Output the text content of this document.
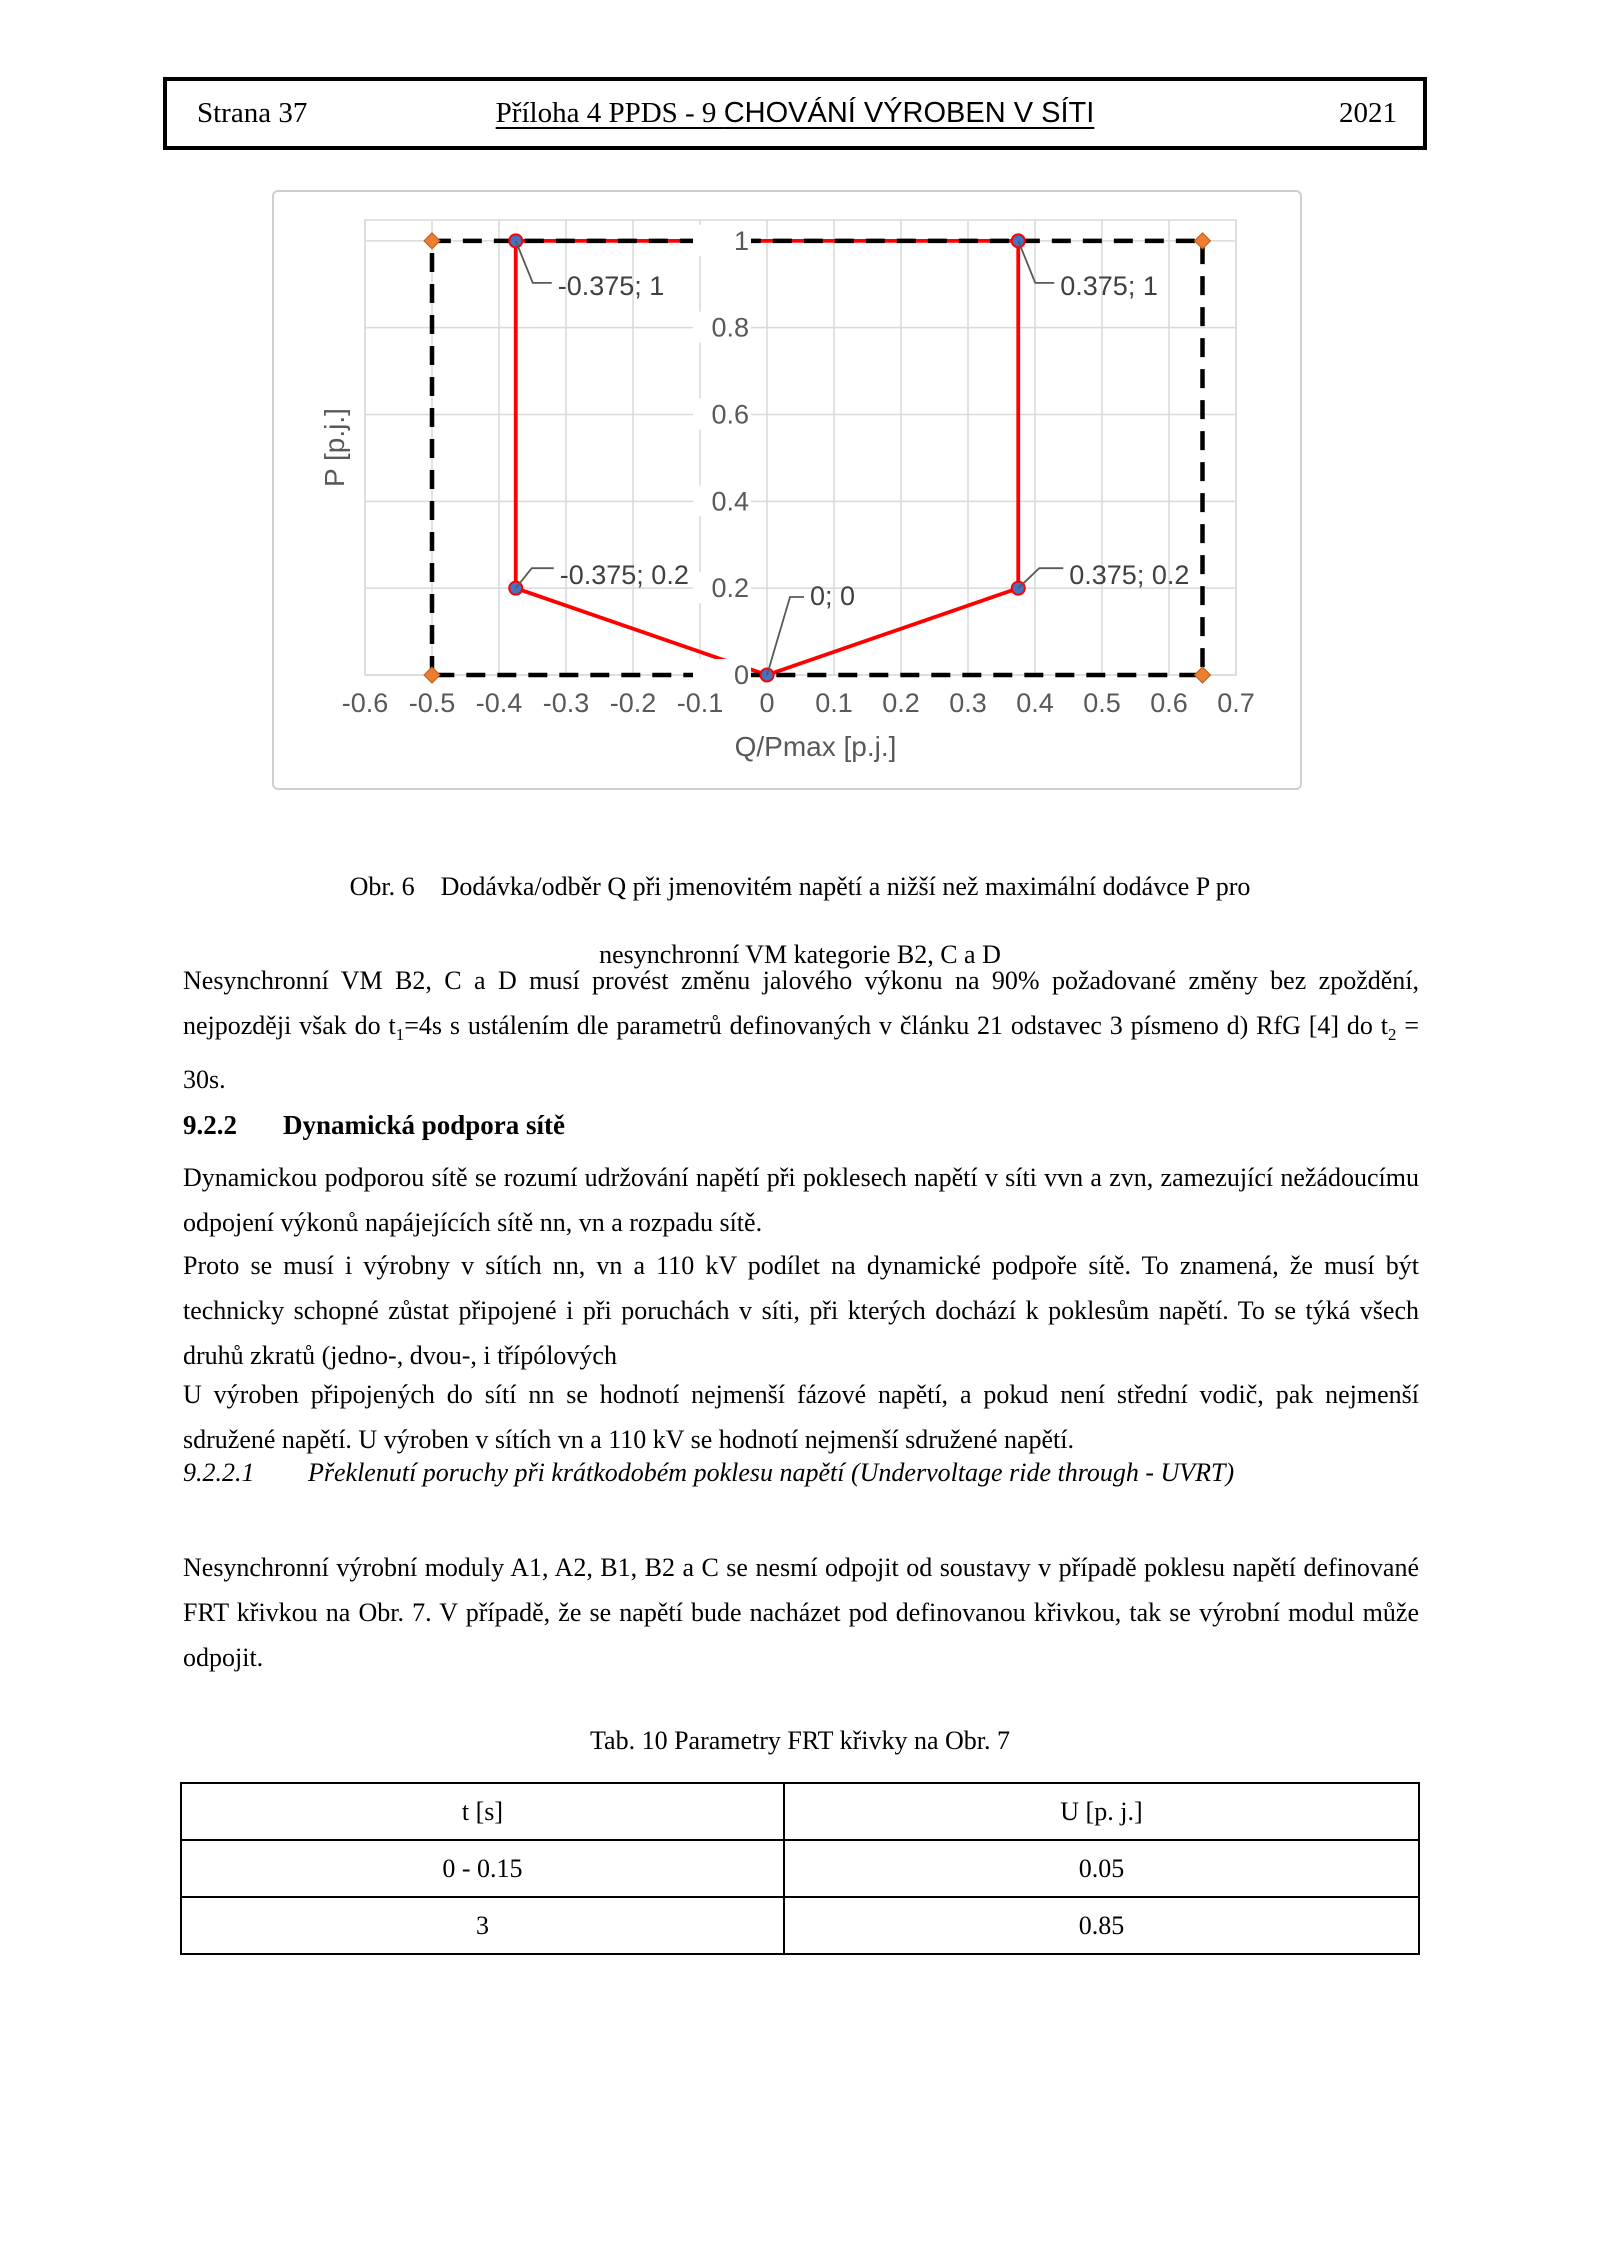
Strana 37	Příloha 4 PPDS - 9 CHOVÁNÍ VÝROBEN V SÍTI	2021
-0.375; 1	0.375; 1
-0.375; 0.2	0.375; 0.2
0; 0
0
0.2
0.4
0.6
0.8
1
-0.6 -0.5 -0.4 -0.3 -0.2 -0.1 0 0.1 0.2 0.3 0.4 0.5 0.6 0.7
Q/Pmax [p.j.]
P [p.j.]
Obr. 6 Dodávka/odběr Q při jmenovitém napětí a nižší než maximální dodávce P pro
nesynchronní VM kategorie B2, C a D
Nesynchronní VM B2, C a D musí provést změnu jalového výkonu na 90% požadované změny bez zpoždění, nejpozději však do $t_1=4s$ s ustálením dle parametrů definovaných v článku 21 odstavec 3 písmeno d) RfG [4] do $t_2 = 30s$.
9.2.2 Dynamická podpora sítě
Dynamickou podporou sítě se rozumí udržování napětí při poklesech napětí v síti vvn a zvn, zamezující nežádoucímu odpojení výkonů napájejících sítě nn, vn a rozpadu sítě.
Proto se musí i výrobny v sítích nn, vn a 110 kV podílet na dynamické podpoře sítě. To znamená, že musí být technicky schopné zůstat připojené i při poruchách v síti, při kterých dochází k poklesům napětí. To se týká všech druhů zkratů (jedno-, dvou-, i třípólových
U výroben připojených do sítí nn se hodnotí nejmenší fázové napětí, a pokud není střední vodič, pak nejmenší sdružené napětí. U výroben v sítích vn a 110 kV se hodnotí nejmenší sdružené napětí.
9.2.2.1 Překlenutí poruchy při krátkodobém poklesu napětí (Undervoltage ride through - UVRT)
Nesynchronní výrobní moduly A1, A2, B1, B2 a C se nesmí odpojit od soustavy v případě poklesu napětí definované FRT křivkou na Obr. 7. V případě, že se napětí bude nacházet pod definovanou křivkou, tak se výrobní modul může odpojit.
Tab. 10 Parametry FRT křivky na Obr. 7
t [s]	U [p. j.]
0 - 0.15	0.05
3	0.85
